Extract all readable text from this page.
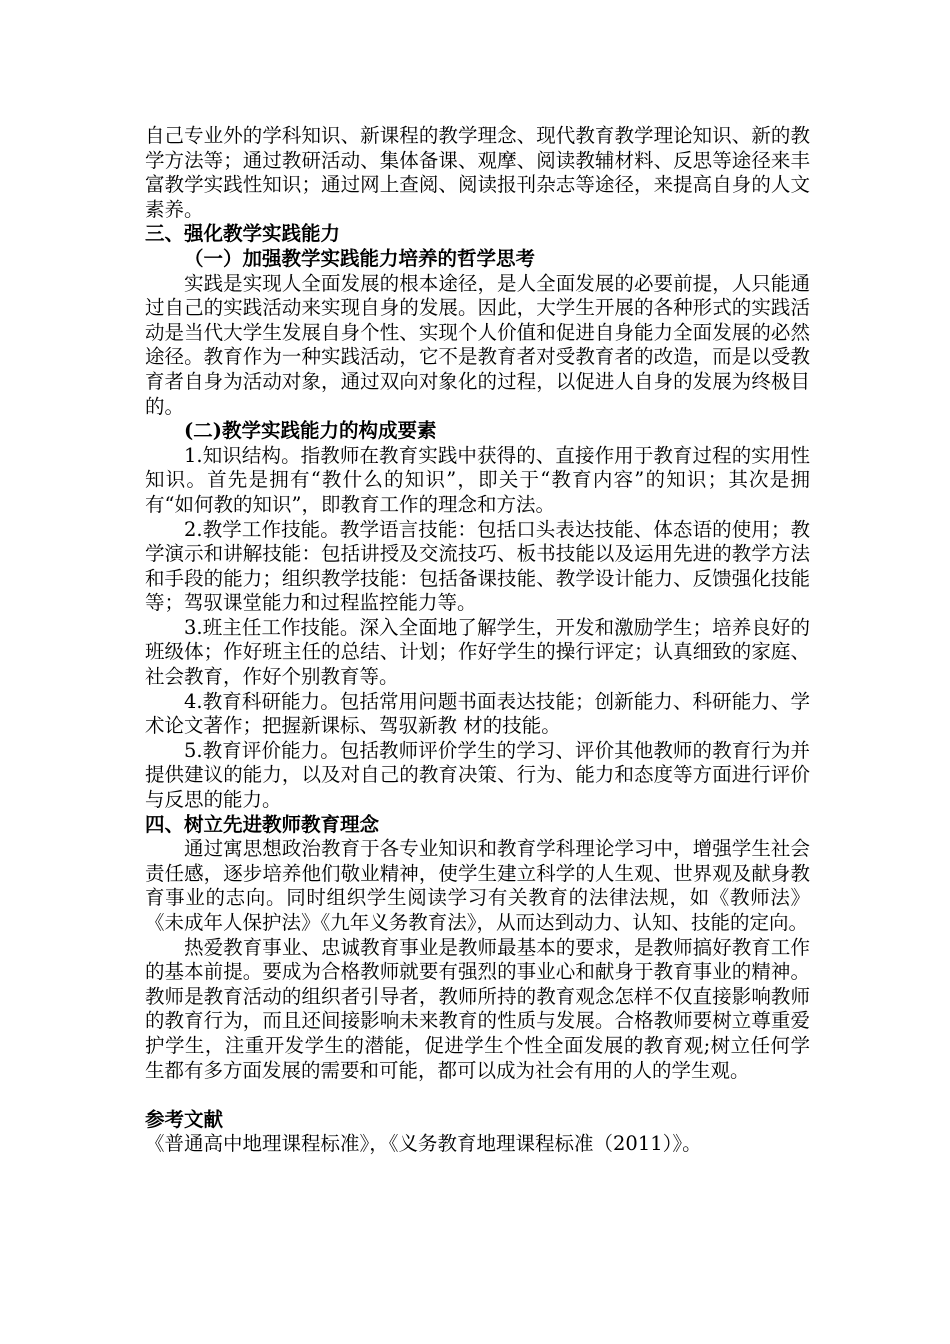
自己专业外的学科知识、新课程的教学理念、现代教育教学理论知识、新的教学方法等；通过教研活动、集体备课、观摩、阅读教辅材料、反思等途径来丰富教学实践性知识；通过网上查阅、阅读报刊杂志等途径，来提高自身的人文素养。

三、强化教学实践能力

（一）加强教学实践能力培养的哲学思考

实践是实现人全面发展的根本途径，是人全面发展的必要前提，人只能通过自己的实践活动来实现自身的发展。因此，大学生开展的各种形式的实践活动是当代大学生发展自身个性、实现个人价值和促进自身能力全面发展的必然途径。教育作为一种实践活动，它不是教育者对受教育者的改造，而是以受教育者自身为活动对象，通过双向对象化的过程，以促进人自身的发展为终极目的。

(二)教学实践能力的构成要素

1.知识结构。指教师在教育实践中获得的、直接作用于教育过程的实用性知识。首先是拥有“教什么的知识”，即关于“教育内容”的知识；其次是拥有“如何教的知识”，即教育工作的理念和方法。

2.教学工作技能。教学语言技能：包括口头表达技能、体态语的使用；教学演示和讲解技能：包括讲授及交流技巧、板书技能以及运用先进的教学方法和手段的能力；组织教学技能：包括备课技能、教学设计能力、反馈强化技能等；驾驭课堂能力和过程监控能力等。

3.班主任工作技能。深入全面地了解学生，开发和激励学生；培养良好的班级体；作好班主任的总结、计划；作好学生的操行评定；认真细致的家庭、社会教育，作好个别教育等。

4.教育科研能力。包括常用问题书面表达技能；创新能力、科研能力、学术论文著作；把握新课标、驾驭新教 材的技能。

5.教育评价能力。包括教师评价学生的学习、评价其他教师的教育行为并提供建议的能力，以及对自己的教育决策、行为、能力和态度等方面进行评价与反思的能力。

四、树立先进教师教育理念

通过寓思想政治教育于各专业知识和教育学科理论学习中，增强学生社会责任感，逐步培养他们敬业精神，使学生建立科学的人生观、世界观及献身教育事业的志向。同时组织学生阅读学习有关教育的法律法规，如《教师法》《未成年人保护法》《九年义务教育法》，从而达到动力、认知、技能的定向。

热爱教育事业、忠诚教育事业是教师最基本的要求，是教师搞好教育工作的基本前提。要成为合格教师就要有强烈的事业心和献身于教育事业的精神。教师是教育活动的组织者引导者，教师所持的教育观念怎样不仅直接影响教师的教育行为，而且还间接影响未来教育的性质与发展。合格教师要树立尊重爱护学生，注重开发学生的潜能，促进学生个性全面发展的教育观;树立任何学生都有多方面发展的需要和可能，都可以成为社会有用的人的学生观。

参考文献

《普通高中地理课程标准》，《义务教育地理课程标准（2011）》。
